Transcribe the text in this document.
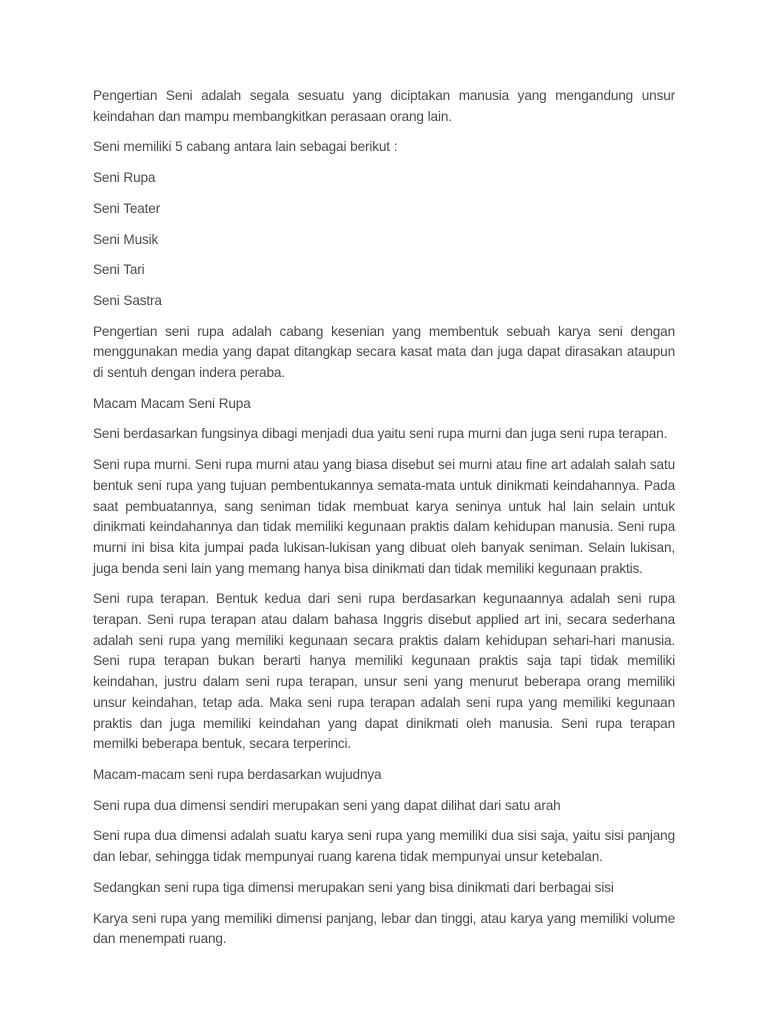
Pengertian Seni adalah segala sesuatu yang diciptakan manusia yang mengandung unsur keindahan dan mampu membangkitkan perasaan orang lain.

Seni memiliki 5 cabang antara lain sebagai berikut :

Seni Rupa

Seni Teater

Seni Musik

Seni Tari

Seni Sastra

Pengertian seni rupa adalah cabang kesenian yang membentuk sebuah karya seni dengan menggunakan media yang dapat ditangkap secara kasat mata dan juga dapat dirasakan ataupun di sentuh dengan indera peraba.

Macam Macam Seni Rupa

Seni berdasarkan fungsinya dibagi menjadi dua yaitu seni rupa murni dan juga seni rupa terapan.

Seni rupa murni. Seni rupa murni atau yang biasa disebut sei murni atau fine art adalah salah satu bentuk seni rupa yang tujuan pembentukannya semata-mata untuk dinikmati keindahannya. Pada saat pembuatannya, sang seniman tidak membuat karya seninya untuk hal lain selain untuk dinikmati keindahannya dan tidak memiliki kegunaan praktis dalam kehidupan manusia. Seni rupa murni ini bisa kita jumpai pada lukisan-lukisan yang dibuat oleh banyak seniman. Selain lukisan, juga benda seni lain yang memang hanya bisa dinikmati dan tidak memiliki kegunaan praktis.

Seni rupa terapan. Bentuk kedua dari seni rupa berdasarkan kegunaannya adalah seni rupa terapan. Seni rupa terapan atau dalam bahasa Inggris disebut applied art ini, secara sederhana adalah seni rupa yang memiliki kegunaan secara praktis dalam kehidupan sehari-hari manusia. Seni rupa terapan bukan berarti hanya memiliki kegunaan praktis saja tapi tidak memiliki keindahan, justru dalam seni rupa terapan, unsur seni yang menurut beberapa orang memiliki unsur keindahan, tetap ada. Maka seni rupa terapan adalah seni rupa yang memiliki kegunaan praktis dan juga memiliki keindahan yang dapat dinikmati oleh manusia. Seni rupa terapan memilki beberapa bentuk, secara terperinci.

Macam-macam seni rupa berdasarkan wujudnya

Seni rupa dua dimensi sendiri merupakan seni yang dapat dilihat dari satu arah

Seni rupa dua dimensi adalah suatu karya seni rupa yang memiliki dua sisi saja, yaitu sisi panjang dan lebar, sehingga tidak mempunyai ruang karena tidak mempunyai unsur ketebalan.

Sedangkan seni rupa tiga dimensi merupakan seni yang bisa dinikmati dari berbagai sisi

Karya seni rupa yang memiliki dimensi panjang, lebar dan tinggi, atau karya yang memiliki volume dan menempati ruang.
